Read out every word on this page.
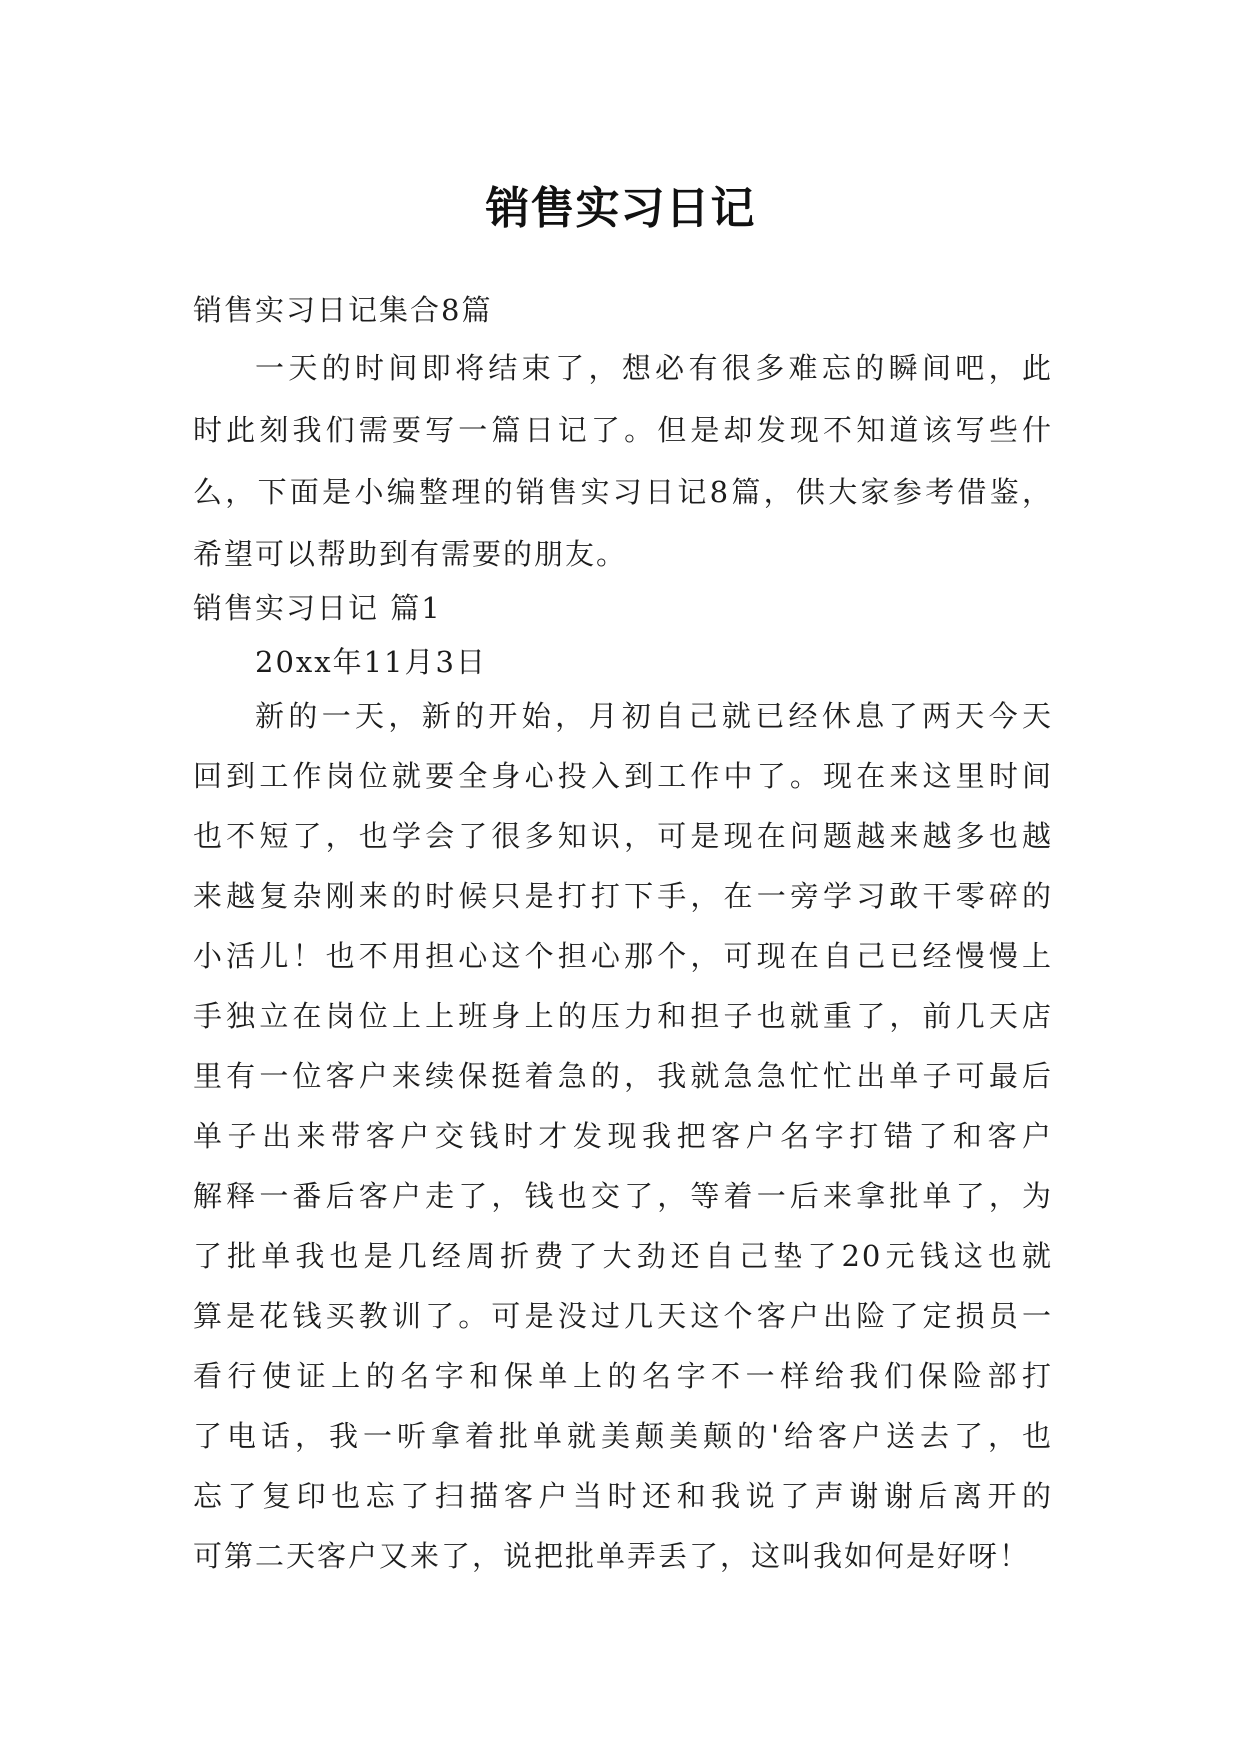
销售实习日记

销售实习日记集合8篇

一天的时间即将结束了，想必有很多难忘的瞬间吧，此

时此刻我们需要写一篇日记了。但是却发现不知道该写些什

么，下面是小编整理的销售实习日记8篇，供大家参考借鉴，

希望可以帮助到有需要的朋友。

销售实习日记 篇1

20xx年11月3日

新的一天，新的开始，月初自己就已经休息了两天今天

回到工作岗位就要全身心投入到工作中了。现在来这里时间

也不短了，也学会了很多知识，可是现在问题越来越多也越

来越复杂刚来的时候只是打打下手，在一旁学习敢干零碎的

小活儿！也不用担心这个担心那个，可现在自己已经慢慢上

手独立在岗位上上班身上的压力和担子也就重了，前几天店

里有一位客户来续保挺着急的，我就急急忙忙出单子可最后

单子出来带客户交钱时才发现我把客户名字打错了和客户

解释一番后客户走了，钱也交了，等着一后来拿批单了，为

了批单我也是几经周折费了大劲还自己垫了20元钱这也就

算是花钱买教训了。可是没过几天这个客户出险了定损员一

看行使证上的名字和保单上的名字不一样给我们保险部打

了电话，我一听拿着批单就美颠美颠的'给客户送去了，也

忘了复印也忘了扫描客户当时还和我说了声谢谢后离开的

可第二天客户又来了，说把批单弄丢了，这叫我如何是好呀！
